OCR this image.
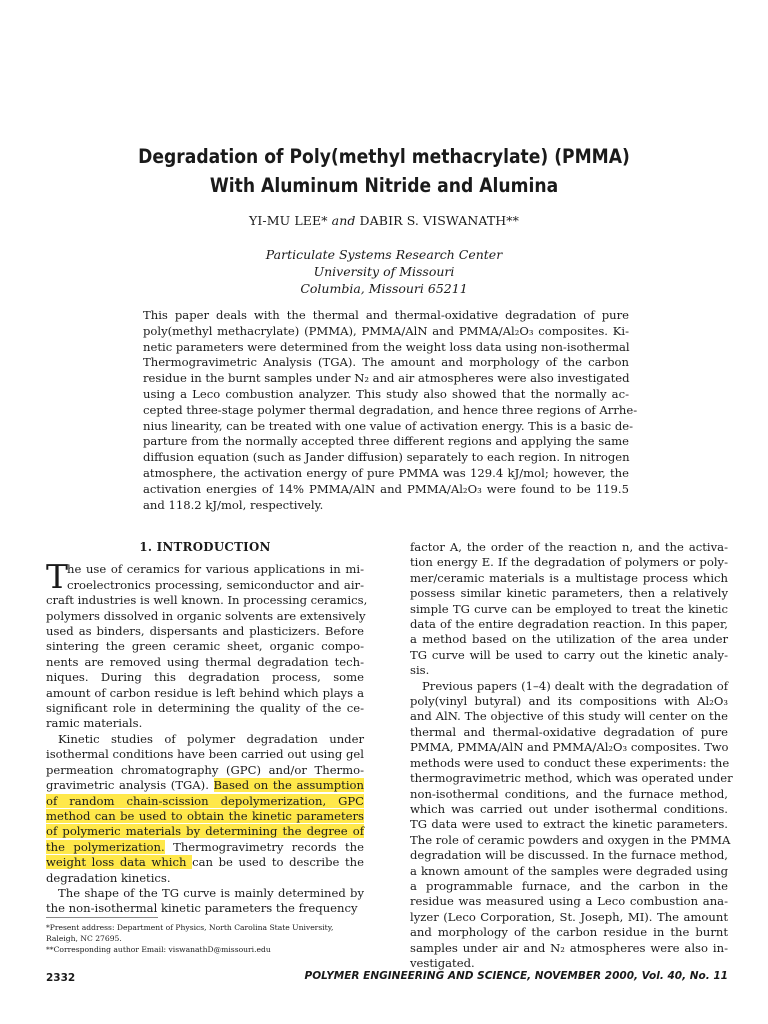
Degradation of Poly(methyl methacrylate) (PMMA)
With Aluminum Nitride and Alumina
YI-MU LEE* and DABIR S. VISWANATH**
Particulate Systems Research Center
University of Missouri
Columbia, Missouri 65211
This paper deals with the thermal and thermal-oxidative degradation of pure
poly(methyl methacrylate) (PMMA), PMMA/AlN and PMMA/Al₂O₃ composites. Ki-
netic parameters were determined from the weight loss data using non-isothermal
Thermogravimetric Analysis (TGA). The amount and morphology of the carbon
residue in the burnt samples under N₂ and air atmospheres were also investigated
using a Leco combustion analyzer. This study also showed that the normally ac-
cepted three-stage polymer thermal degradation, and hence three regions of Arrhe-
nius linearity, can be treated with one value of activation energy. This is a basic de-
parture from the normally accepted three different regions and applying the same
diffusion equation (such as Jander diffusion) separately to each region. In nitrogen
atmosphere, the activation energy of pure PMMA was 129.4 kJ/mol; however, the
activation energies of 14% PMMA/AlN and PMMA/Al₂O₃ were found to be 119.5
and 118.2 kJ/mol, respectively.
1. INTRODUCTION
T
he use of ceramics for various applications in mi-
croelectronics processing, semiconductor and air-
craft industries is well known. In processing ceramics,
polymers dissolved in organic solvents are extensively
used as binders, dispersants and plasticizers. Before
sintering the green ceramic sheet, organic compo-
nents are removed using thermal degradation tech-
niques. During this degradation process, some
amount of carbon residue is left behind which plays a
significant role in determining the quality of the ce-
ramic materials.
Kinetic studies of polymer degradation under
isothermal conditions have been carried out using gel
permeation chromatography (GPC) and/or Thermo-
gravimetric analysis (TGA). Based on the assumption
of random chain-scission depolymerization, GPC
method can be used to obtain the kinetic parameters
of polymeric materials by determining the degree of
the polymerization. Thermogravimetry records the
weight loss data which can be used to describe the
degradation kinetics.
The shape of the TG curve is mainly determined by
the non-isothermal kinetic parameters the frequency
factor A, the order of the reaction n, and the activa-
tion energy E. If the degradation of polymers or poly-
mer/ceramic materials is a multistage process which
possess similar kinetic parameters, then a relatively
simple TG curve can be employed to treat the kinetic
data of the entire degradation reaction. In this paper,
a method based on the utilization of the area under
TG curve will be used to carry out the kinetic analy-
sis.
Previous papers (1–4) dealt with the degradation of
poly(vinyl butyral) and its compositions with Al₂O₃
and AlN. The objective of this study will center on the
thermal and thermal-oxidative degradation of pure
PMMA, PMMA/AlN and PMMA/Al₂O₃ composites. Two
methods were used to conduct these experiments: the
thermogravimetric method, which was operated under
non-isothermal conditions, and the furnace method,
which was carried out under isothermal conditions.
TG data were used to extract the kinetic parameters.
The role of ceramic powders and oxygen in the PMMA
degradation will be discussed. In the furnace method,
a known amount of the samples were degraded using
a programmable furnace, and the carbon in the
residue was measured using a Leco combustion ana-
lyzer (Leco Corporation, St. Joseph, MI). The amount
and morphology of the carbon residue in the burnt
samples under air and N₂ atmospheres were also in-
vestigated.
*Present address: Department of Physics, North Carolina State University,
Raleigh, NC 27695.
**Corresponding author Email: viswanathD@missouri.edu
2332	POLYMER ENGINEERING AND SCIENCE, NOVEMBER 2000, Vol. 40, No. 11
